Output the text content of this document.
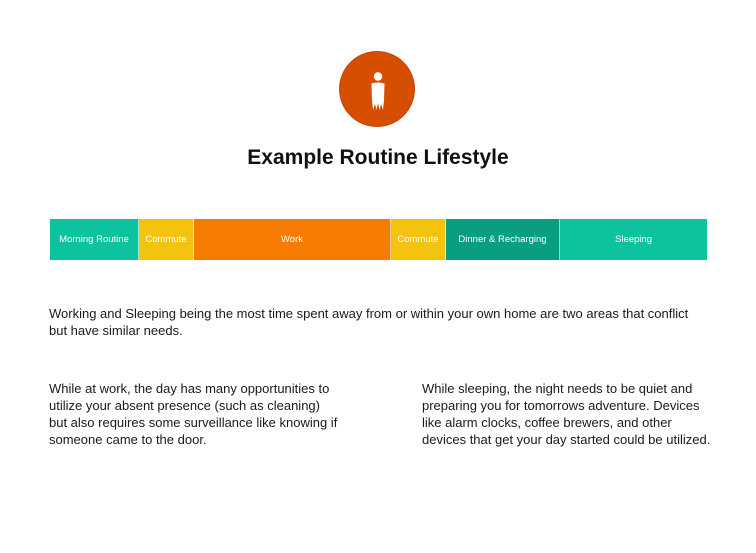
Example Routine Lifestyle
Morning Routine Commute	Work	Commute Dinner & Recharging	Sleeping

Working and Sleeping being the most time spent away from or within your own home are two areas that conflict but have similar needs.

While at work, the day has many opportunities to utilize your absent presence (such as cleaning) but also requires some surveillance like knowing if someone came to the door.

While sleeping, the night needs to be quiet and preparing you for tomorrows adventure. Devices like alarm clocks, coffee brewers, and other devices that get your day started could be utilized.
